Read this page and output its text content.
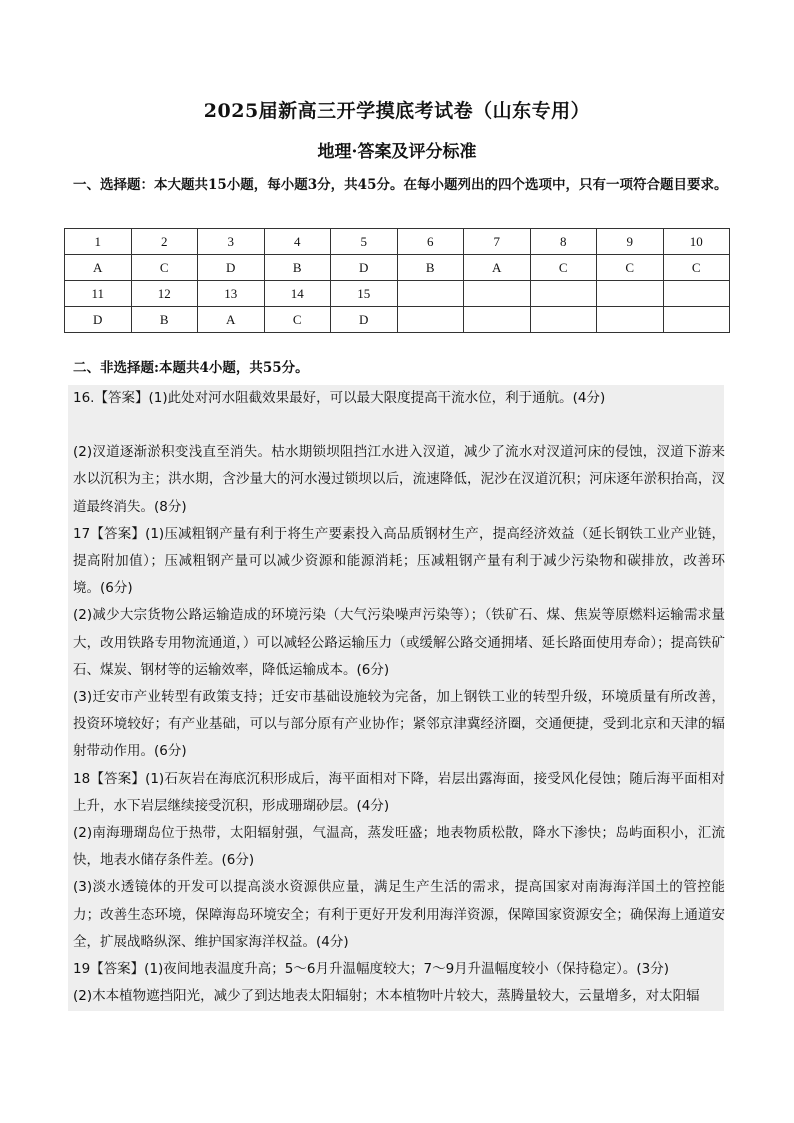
2025届新高三开学摸底考试卷（山东专用）
地理·答案及评分标准
一、选择题：本大题共15小题，每小题3分，共45分。在每小题列出的四个选项中，只有一项符合题目要求。
1	2	3	4	5	6	7	8	9	10
A	C	D	B	D	B	A	C	C	C
11	12	13	14	15					
D	B	A	C	D					
二、非选择题:本题共4小题，共55分。

16.【答案】(1)此处对河水阻截效果最好，可以最大限度提高干流水位，利于通航。(4分)

(2)汊道逐渐淤积变浅直至消失。枯水期锁坝阻挡江水进入汊道，减少了流水对汊道河床的侵蚀，汊道下游来水以沉积为主；洪水期，含沙量大的河水漫过锁坝以后，流速降低，泥沙在汊道沉积；河床逐年淤积抬高，汊道最终消失。(8分)

17【答案】(1)压减粗钢产量有利于将生产要素投入高品质钢材生产，提高经济效益（延长钢铁工业产业链，提高附加值）；压减粗钢产量可以减少资源和能源消耗；压减粗钢产量有利于减少污染物和碳排放，改善环境。(6分)

(2)减少大宗货物公路运输造成的环境污染（大气污染噪声污染等）；（铁矿石、煤、焦炭等原燃料运输需求量大，改用铁路专用物流通道，）可以减轻公路运输压力（或缓解公路交通拥堵、延长路面使用寿命）；提高铁矿石、煤炭、钢材等的运输效率，降低运输成本。(6分)

(3)迁安市产业转型有政策支持；迁安市基础设施较为完备，加上钢铁工业的转型升级，环境质量有所改善，投资环境较好；有产业基础，可以与部分原有产业协作；紧邻京津冀经济圈，交通便捷，受到北京和天津的辐射带动作用。(6分)

18【答案】(1)石灰岩在海底沉积形成后，海平面相对下降，岩层出露海面，接受风化侵蚀；随后海平面相对上升，水下岩层继续接受沉积，形成珊瑚砂层。(4分)

(2)南海珊瑚岛位于热带，太阳辐射强，气温高，蒸发旺盛；地表物质松散，降水下渗快；岛屿面积小，汇流快，地表水储存条件差。(6分)

(3)淡水透镜体的开发可以提高淡水资源供应量，满足生产生活的需求，提高国家对南海海洋国土的管控能力；改善生态环境，保障海岛环境安全；有利于更好开发利用海洋资源，保障国家资源安全；确保海上通道安全，扩展战略纵深、维护国家海洋权益。(4分)

19【答案】(1)夜间地表温度升高；5～6月升温幅度较大；7～9月升温幅度较小（保持稳定）。(3分)

(2)木本植物遮挡阳光，减少了到达地表太阳辐射；木本植物叶片较大，蒸腾量较大，云量增多，对太阳辐
